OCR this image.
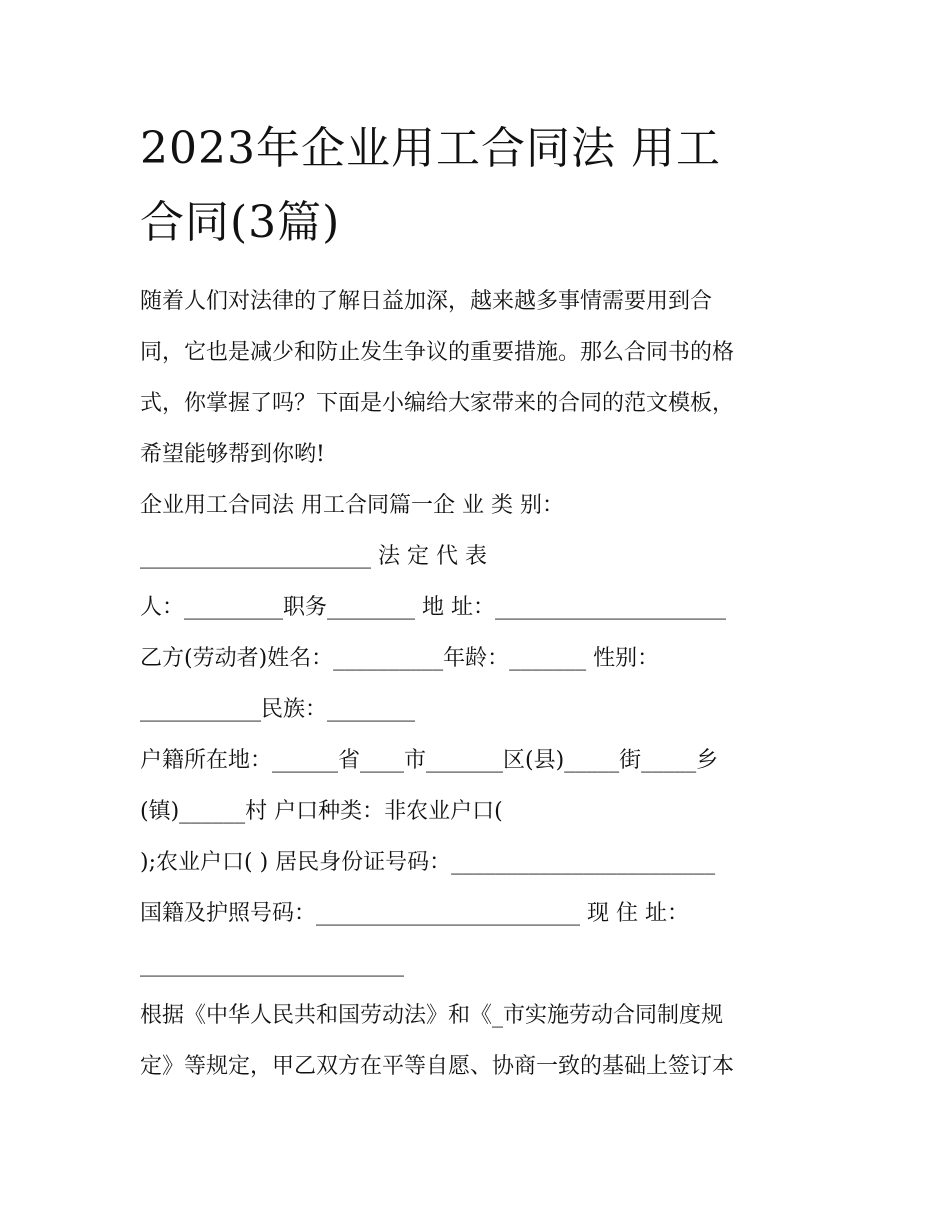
2023年企业用工合同法 用工
合同(3篇)
随着人们对法律的了解日益加深，越来越多事情需要用到合
同，它也是减少和防止发生争议的重要措施。那么合同书的格
式，你掌握了吗？下面是小编给大家带来的合同的范文模板，
希望能够帮到你哟!
企业用工合同法 用工合同篇一企 业 类 别：
_____________________ 法 定 代 表
人：_________职务________ 地 址：_____________________
乙方(劳动者)姓名：__________年龄：_______ 性别：
___________民族：________
户籍所在地：______省____市_______区(县)_____街_____乡
(镇)______村 户口种类：非农业户口(
);农业户口( ) 居民身份证号码：________________________
国籍及护照号码：________________________ 现 住 址：
________________________
根据《中华人民共和国劳动法》和《_市实施劳动合同制度规
定》等规定，甲乙双方在平等自愿、协商一致的基础上签订本
